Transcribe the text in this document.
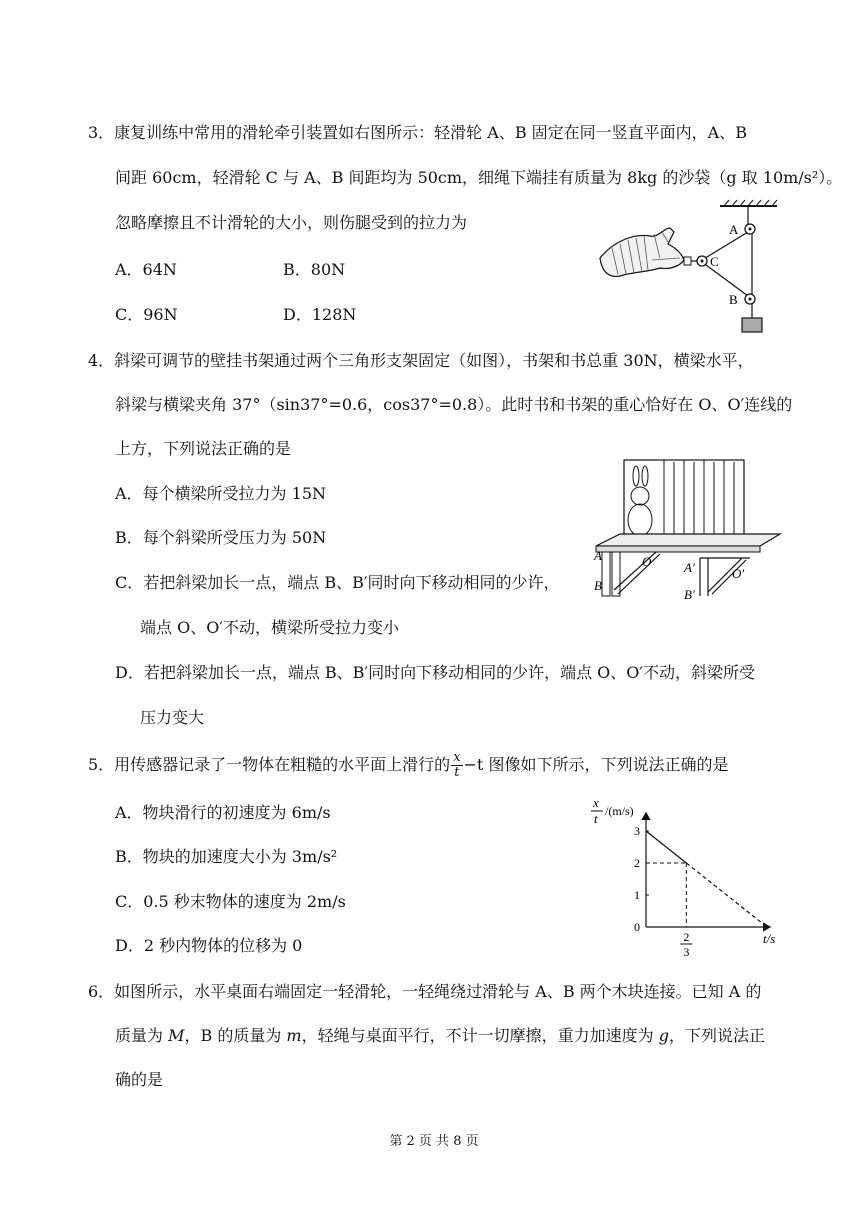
3．康复训练中常用的滑轮牵引装置如右图所示：轻滑轮 A、B 固定在同一竖直平面内，A、B
间距 60cm，轻滑轮 C 与 A、B 间距均为 50cm，细绳下端挂有质量为 8kg 的沙袋（g 取 10m/s²）。
忽略摩擦且不计滑轮的大小，则伤腿受到的拉力为
A．64N	B．80N
C．96N	D．128N
A
C
B
4．斜梁可调节的壁挂书架通过两个三角形支架固定（如图），书架和书总重 30N，横梁水平，
斜梁与横梁夹角 37°（sin37°=0.6，cos37°=0.8）。此时书和书架的重心恰好在 O、O′连线的
上方，下列说法正确的是
A．每个横梁所受拉力为 15N
B．每个斜梁所受压力为 50N
C．若把斜梁加长一点，端点 B、B′同时向下移动相同的少许，
端点 O、O′不动，横梁所受拉力变小
D．若把斜梁加长一点，端点 B、B′同时向下移动相同的少许，端点 O、O′不动，斜梁所受
压力变大
A
B
O	A′
B′
O′
5．用传感器记录了一物体在粗糙的水平面上滑行的 $\frac{x}{t} -t$ 图像如下所示，下列说法正确的是
A．物块滑行的初速度为 6m/s
B．物块的加速度大小为 3m/s²
C．0.5 秒末物体的速度为 2m/s
D．2 秒内物体的位移为 0
x
t /(m/s)
t/s
0
1
2
3
2
3
6．如图所示，水平桌面右端固定一轻滑轮，一轻绳绕过滑轮与 A、B 两个木块连接。已知 A 的
质量为 M，B 的质量为 m，轻绳与桌面平行，不计一切摩擦，重力加速度为 g，下列说法正
确的是
第 2 页 共 8 页
